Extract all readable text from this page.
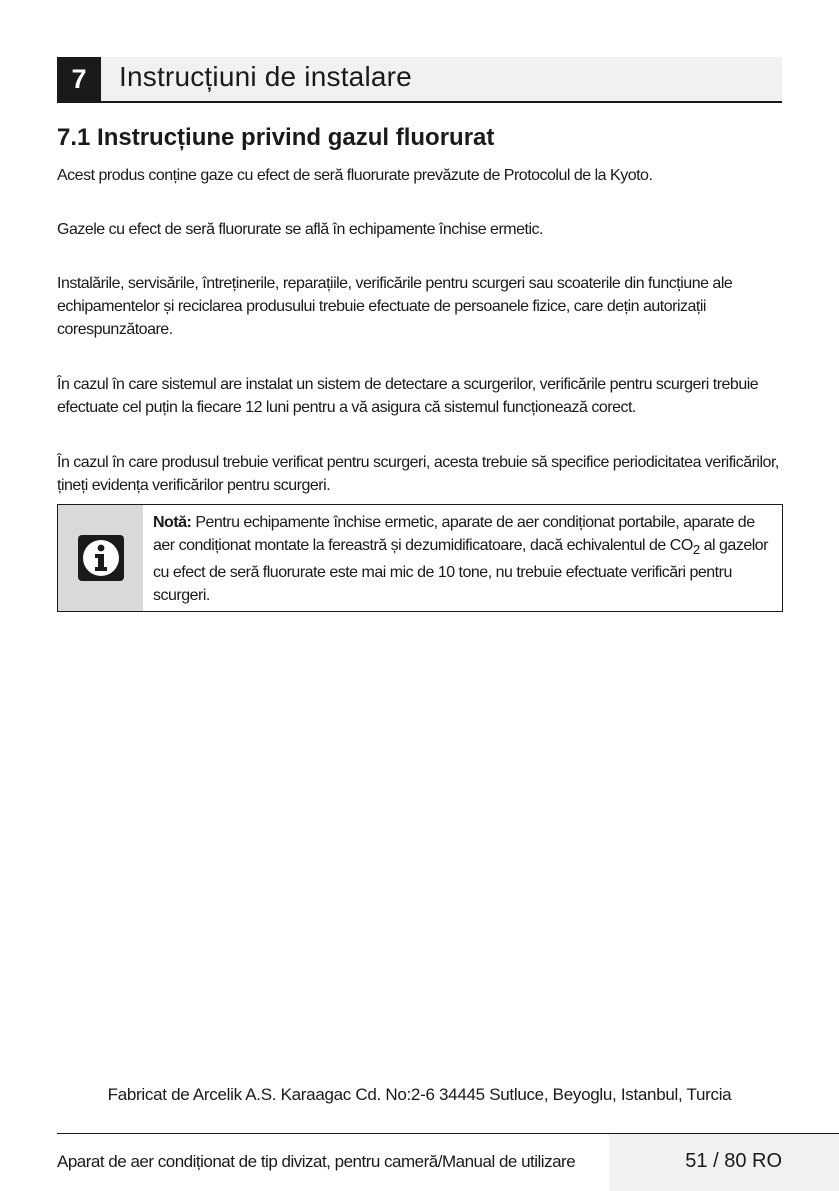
7	Instrucțiuni de instalare
7.1 Instrucțiune privind gazul fluorurat
Acest produs conține gaze cu efect de seră fluorurate prevăzute de Protocolul de la Kyoto.
Gazele cu efect de seră fluorurate se află în echipamente închise ermetic.
Instalările, servisările, întreținerile, reparațiile, verificările pentru scurgeri sau scoaterile din funcțiune ale echipamentelor și reciclarea produsului trebuie efectuate de persoanele fizice, care dețin autorizații corespunzătoare.
În cazul în care sistemul are instalat un sistem de detectare a scurgerilor, verificările pentru scurgeri trebuie efectuate cel puțin la fiecare 12 luni pentru a vă asigura că sistemul funcționează corect.
În cazul în care produsul trebuie verificat pentru scurgeri, acesta trebuie să specifice periodicitatea verificărilor, țineți evidența verificărilor pentru scurgeri.
Notă: Pentru echipamente închise ermetic, aparate de aer condiționat portabile, aparate de aer condiționat montate la fereastră și dezumidificatoare, dacă echivalentul de $CO_2$ al gazelor cu efect de seră fluorurate este mai mic de 10 tone, nu trebuie efectuate verificări pentru scurgeri.
Fabricat de Arcelik A.S. Karaagac Cd. No:2-6 34445 Sutluce, Beyoglu, Istanbul, Turcia
Aparat de aer condiționat de tip divizat, pentru cameră/Manual de utilizare	51 / 80 RO
